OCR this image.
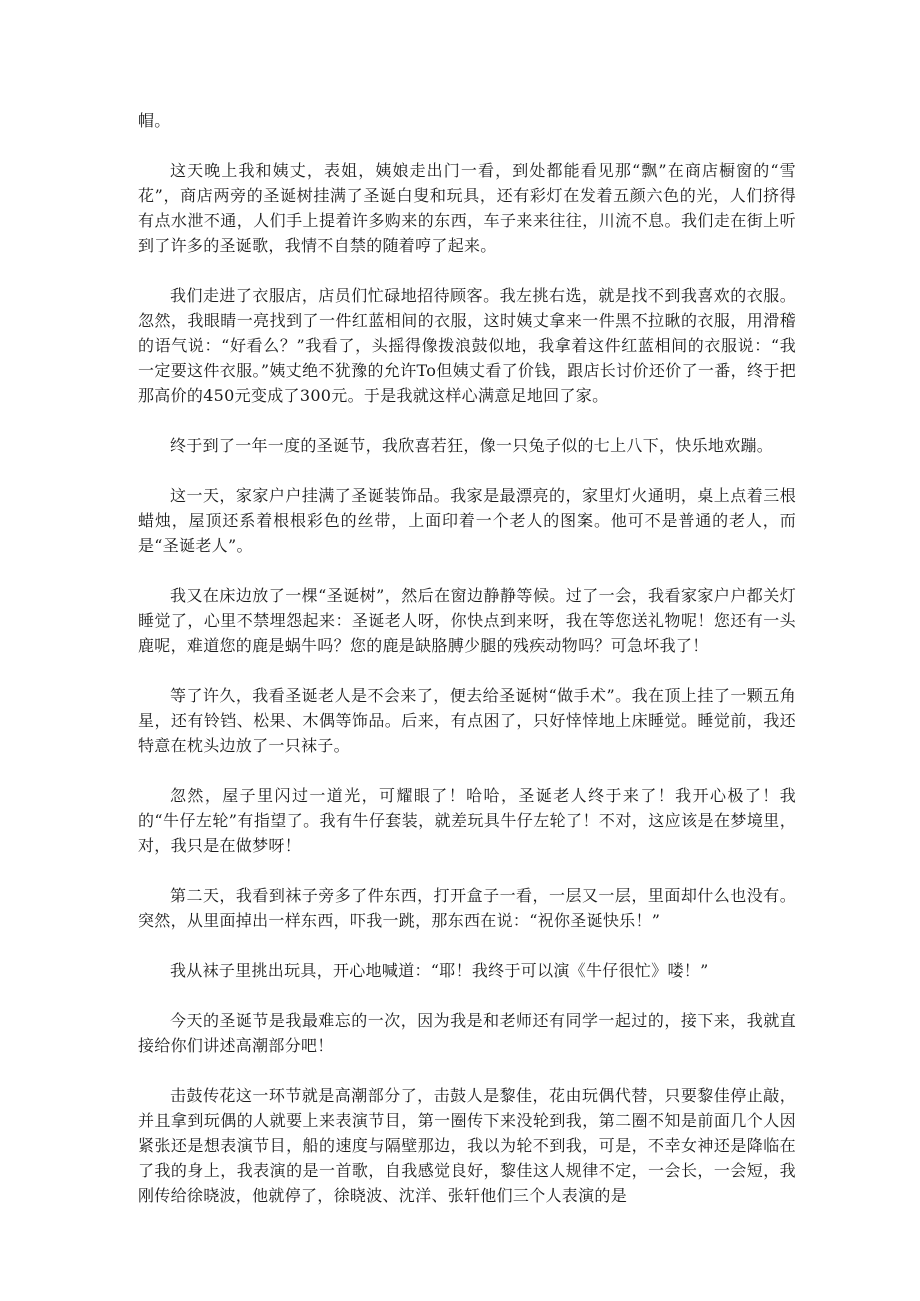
帽。

这天晚上我和姨丈，表姐，姨娘走出门一看，到处都能看见那“飘”在商店橱窗的“雪花”，商店两旁的圣诞树挂满了圣诞白叟和玩具，还有彩灯在发着五颜六色的光，人们挤得有点水泄不通，人们手上提着许多购来的东西，车子来来往往，川流不息。我们走在街上听到了许多的圣诞歌，我情不自禁的随着哼了起来。

我们走进了衣服店，店员们忙碌地招待顾客。我左挑右选，就是找不到我喜欢的衣服。忽然，我眼睛一亮找到了一件红蓝相间的衣服，这时姨丈拿来一件黑不拉瞅的衣服，用滑稽的语气说：“好看么？”我看了，头摇得像拨浪鼓似地，我拿着这件红蓝相间的衣服说：“我一定要这件衣服。”姨丈绝不犹豫的允许To但姨丈看了价钱，跟店长讨价还价了一番，终于把那高价的450元变成了300元。于是我就这样心满意足地回了家。

终于到了一年一度的圣诞节，我欣喜若狂，像一只兔子似的七上八下，快乐地欢蹦。

这一天，家家户户挂满了圣诞装饰品。我家是最漂亮的，家里灯火通明，桌上点着三根蜡烛，屋顶还系着根根彩色的丝带，上面印着一个老人的图案。他可不是普通的老人，而是“圣诞老人”。

我又在床边放了一棵“圣诞树”，然后在窗边静静等候。过了一会，我看家家户户都关灯睡觉了，心里不禁埋怨起来：圣诞老人呀，你快点到来呀，我在等您送礼物呢！您还有一头鹿呢，难道您的鹿是蜗牛吗？您的鹿是缺胳膊少腿的残疾动物吗？可急坏我了！

等了许久，我看圣诞老人是不会来了，便去给圣诞树“做手术”。我在顶上挂了一颗五角星，还有铃铛、松果、木偶等饰品。后来，有点困了，只好悻悻地上床睡觉。睡觉前，我还特意在枕头边放了一只袜子。

忽然，屋子里闪过一道光，可耀眼了！哈哈，圣诞老人终于来了！我开心极了！我的“牛仔左轮”有指望了。我有牛仔套装，就差玩具牛仔左轮了！不对，这应该是在梦境里，对，我只是在做梦呀！

第二天，我看到袜子旁多了件东西，打开盒子一看，一层又一层，里面却什么也没有。突然，从里面掉出一样东西，吓我一跳，那东西在说：“祝你圣诞快乐！”

我从袜子里挑出玩具，开心地喊道：“耶！我终于可以演《牛仔很忙》喽！”

今天的圣诞节是我最难忘的一次，因为我是和老师还有同学一起过的，接下来，我就直接给你们讲述高潮部分吧！

击鼓传花这一环节就是高潮部分了，击鼓人是黎佳，花由玩偶代替，只要黎佳停止敲，并且拿到玩偶的人就要上来表演节目，第一圈传下来没轮到我，第二圈不知是前面几个人因紧张还是想表演节目，船的速度与隔壁那边，我以为轮不到我，可是，不幸女神还是降临在了我的身上，我表演的是一首歌，自我感觉良好，黎佳这人规律不定，一会长，一会短，我刚传给徐晓波，他就停了，徐晓波、沈洋、张轩他们三个人表演的是
